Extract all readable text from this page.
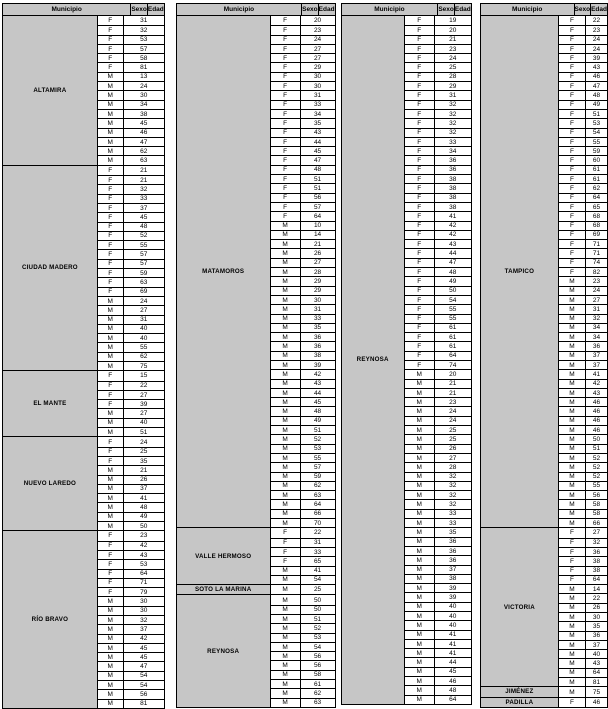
Municipio	Sexo Edad
ALTAMIRA
F	31
F	32
F	53
F	57
F	58
F	81
M	13
M	24
M	30
M	34
M	38
M	45
M	46
M	47
M	62
M	63
CIUDAD MADERO
F	21
F	21
F	32
F	33
F	37
F	45
F	48
F	52
F	55
F	57
F	57
F	59
F	63
F	69
M	24
M	27
M	31
M	40
M	40
M	55
M	62
M	75
EL MANTE
F	15
F	22
F	27
F	39
M	27
M	40
M	51
NUEVO LAREDO
F	24
F	25
F	35
M	21
M	26
M	37
M	41
M	48
M	49
M	50
RÍO BRAVO
F	23
F	42
F	43
F	53
F	64
F	71
F	79
M	30
M	30
M	32
M	37
M	42
M	45
M	45
M	47
M	54
M	54
M	56
M	81
Municipio	Sexo Edad
MATAMOROS
F	20
F	23
F	24
F	27
F	27
F	29
F	30
F	30
F	31
F	33
F	34
F	35
F	43
F	44
F	45
F	47
F	48
F	51
F	51
F	56
F	57
F	64
M	10
M	14
M	21
M	26
M	27
M	28
M	29
M	29
M	30
M	31
M	33
M	35
M	36
M	36
M	38
M	39
M	42
M	43
M	44
M	45
M	48
M	49
M	51
M	52
M	53
M	55
M	57
M	59
M	62
M	63
M	64
M	66
M	70
VALLE HERMOSO
F	22
F	31
F	33
F	65
M	41
M	54
SOTO LA MARINA	M	25
REYNOSA
M	50
M	50
M	51
M	52
M	53
M	54
M	56
M	56
M	58
M	61
M	62
M	63
Municipio	Sexo Edad
REYNOSA
F	19
F	20
F	21
F	23
F	24
F	25
F	28
F	29
F	31
F	32
F	32
F	32
F	32
F	33
F	34
F	36
F	36
F	38
F	38
F	38
F	38
F	41
F	42
F	42
F	43
F	44
F	47
F	48
F	49
F	50
F	54
F	55
F	55
F	61
F	61
F	61
F	64
F	74
M	20
M	21
M	21
M	23
M	24
M	24
M	25
M	25
M	26
M	27
M	28
M	32
M	32
M	32
M	32
M	33
M	33
M	35
M	36
M	36
M	36
M	37
M	38
M	39
M	39
M	40
M	40
M	40
M	41
M	41
M	41
M	44
M	45
M	46
M	48
M	64
Municipio	Sexo Edad
TAMPICO
F	22
F	23
F	24
F	24
F	39
F	43
F	46
F	47
F	48
F	49
F	51
F	53
F	54
F	55
F	59
F	60
F	61
F	61
F	62
F	64
F	65
F	68
F	68
F	69
F	71
F	71
F	74
F	82
M	23
M	24
M	27
M	31
M	32
M	34
M	34
M	36
M	37
M	37
M	41
M	42
M	43
M	46
M	46
M	46
M	46
M	50
M	51
M	52
M	52
M	52
M	55
M	56
M	58
M	58
M	66
VICTORIA
F	27
F	32
F	36
F	38
F	38
F	64
M	14
M	22
M	26
M	30
M	35
M	36
M	37
M	40
M	43
M	64
M	81
JIMÉNEZ	M	75
PADILLA	F	46
